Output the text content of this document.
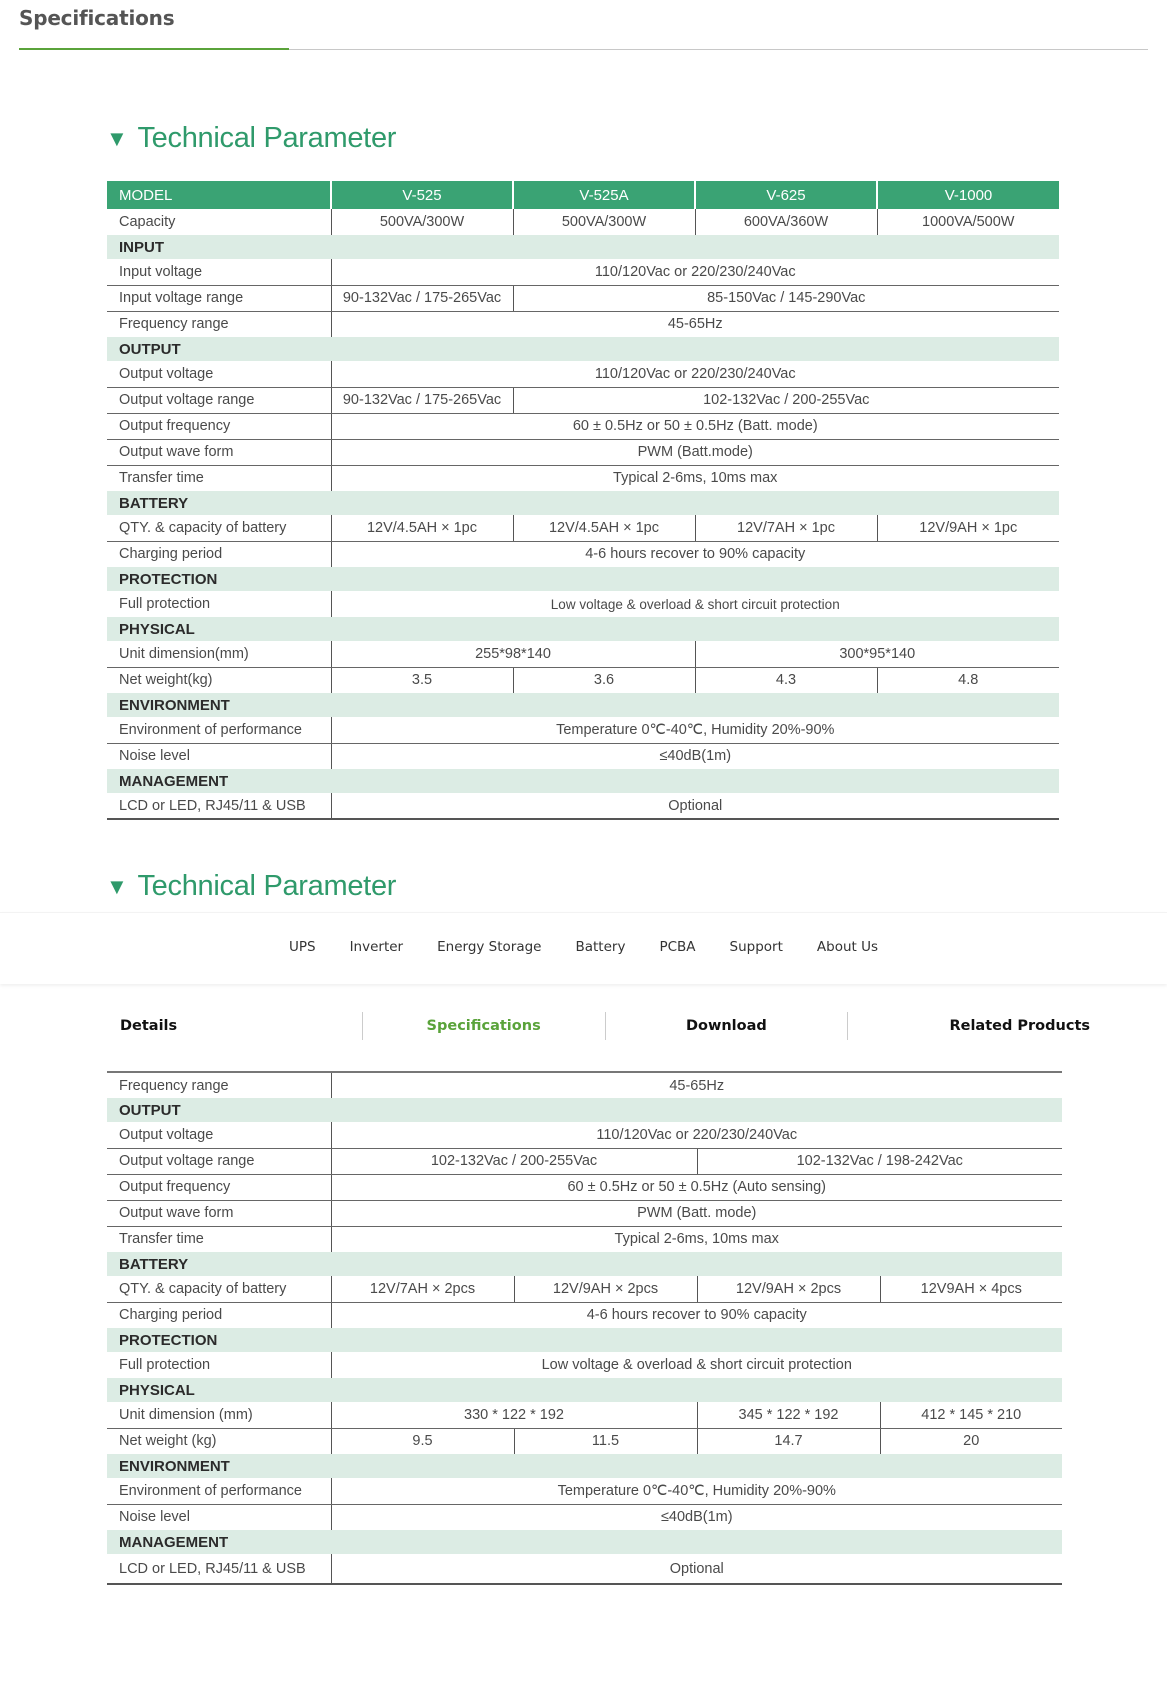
Specifications
▼ Technical Parameter
MODEL	V-525	V-525A	V-625	V-1000
Capacity	500VA/300W	500VA/300W	600VA/360W	1000VA/500W
INPUT				
Input voltage	110/120Vac or 220/230/240Vac			
Input voltage range	90-132Vac / 175-265Vac	85-150Vac / 145-290Vac		
Frequency range	45-65Hz			
OUTPUT				
Output voltage	110/120Vac or 220/230/240Vac			
Output voltage range	90-132Vac / 175-265Vac	102-132Vac / 200-255Vac		
Output frequency	60 ± 0.5Hz or 50 ± 0.5Hz (Batt. mode)			
Output wave form	PWM (Batt.mode)			
Transfer time	Typical 2-6ms, 10ms max			
BATTERY				
QTY. & capacity of battery	12V/4.5AH × 1pc	12V/4.5AH × 1pc	12V/7AH × 1pc	12V/9AH × 1pc
Charging period	4-6 hours recover to 90% capacity			
PROTECTION				
Full protection	Low voltage & overload & short circuit protection			
PHYSICAL				
Unit dimension(mm)	255*98*140		300*95*140	
Net weight(kg)	3.5	3.6	4.3	4.8
ENVIRONMENT				
Environment of performance	Temperature 0℃-40℃, Humidity 20%-90%			
Noise level	≤40dB(1m)			
MANAGEMENT				
LCD or LED, RJ45/11 & USB	Optional			
▼ Technical Parameter
UPS	Inverter	Energy Storage	Battery	PCBA	Support	About Us
Details	Specifications	Download	Related Products
Frequency range	45-65Hz			
OUTPUT				
Output voltage	110/120Vac or 220/230/240Vac			
Output voltage range	102-132Vac / 200-255Vac		102-132Vac / 198-242Vac	
Output frequency	60 ± 0.5Hz or 50 ± 0.5Hz (Auto sensing)			
Output wave form	PWM (Batt. mode)			
Transfer time	Typical 2-6ms, 10ms max			
BATTERY				
QTY. & capacity of battery	12V/7AH × 2pcs	12V/9AH × 2pcs	12V/9AH × 2pcs	12V9AH × 4pcs
Charging period	4-6 hours recover to 90% capacity			
PROTECTION				
Full protection	Low voltage & overload & short circuit protection			
PHYSICAL				
Unit dimension (mm)	330 * 122 * 192		345 * 122 * 192	412 * 145 * 210
Net weight (kg)	9.5	11.5	14.7	20
ENVIRONMENT				
Environment of performance	Temperature 0℃-40℃, Humidity 20%-90%			
Noise level	≤40dB(1m)			
MANAGEMENT				
LCD or LED, RJ45/11 & USB	Optional			
